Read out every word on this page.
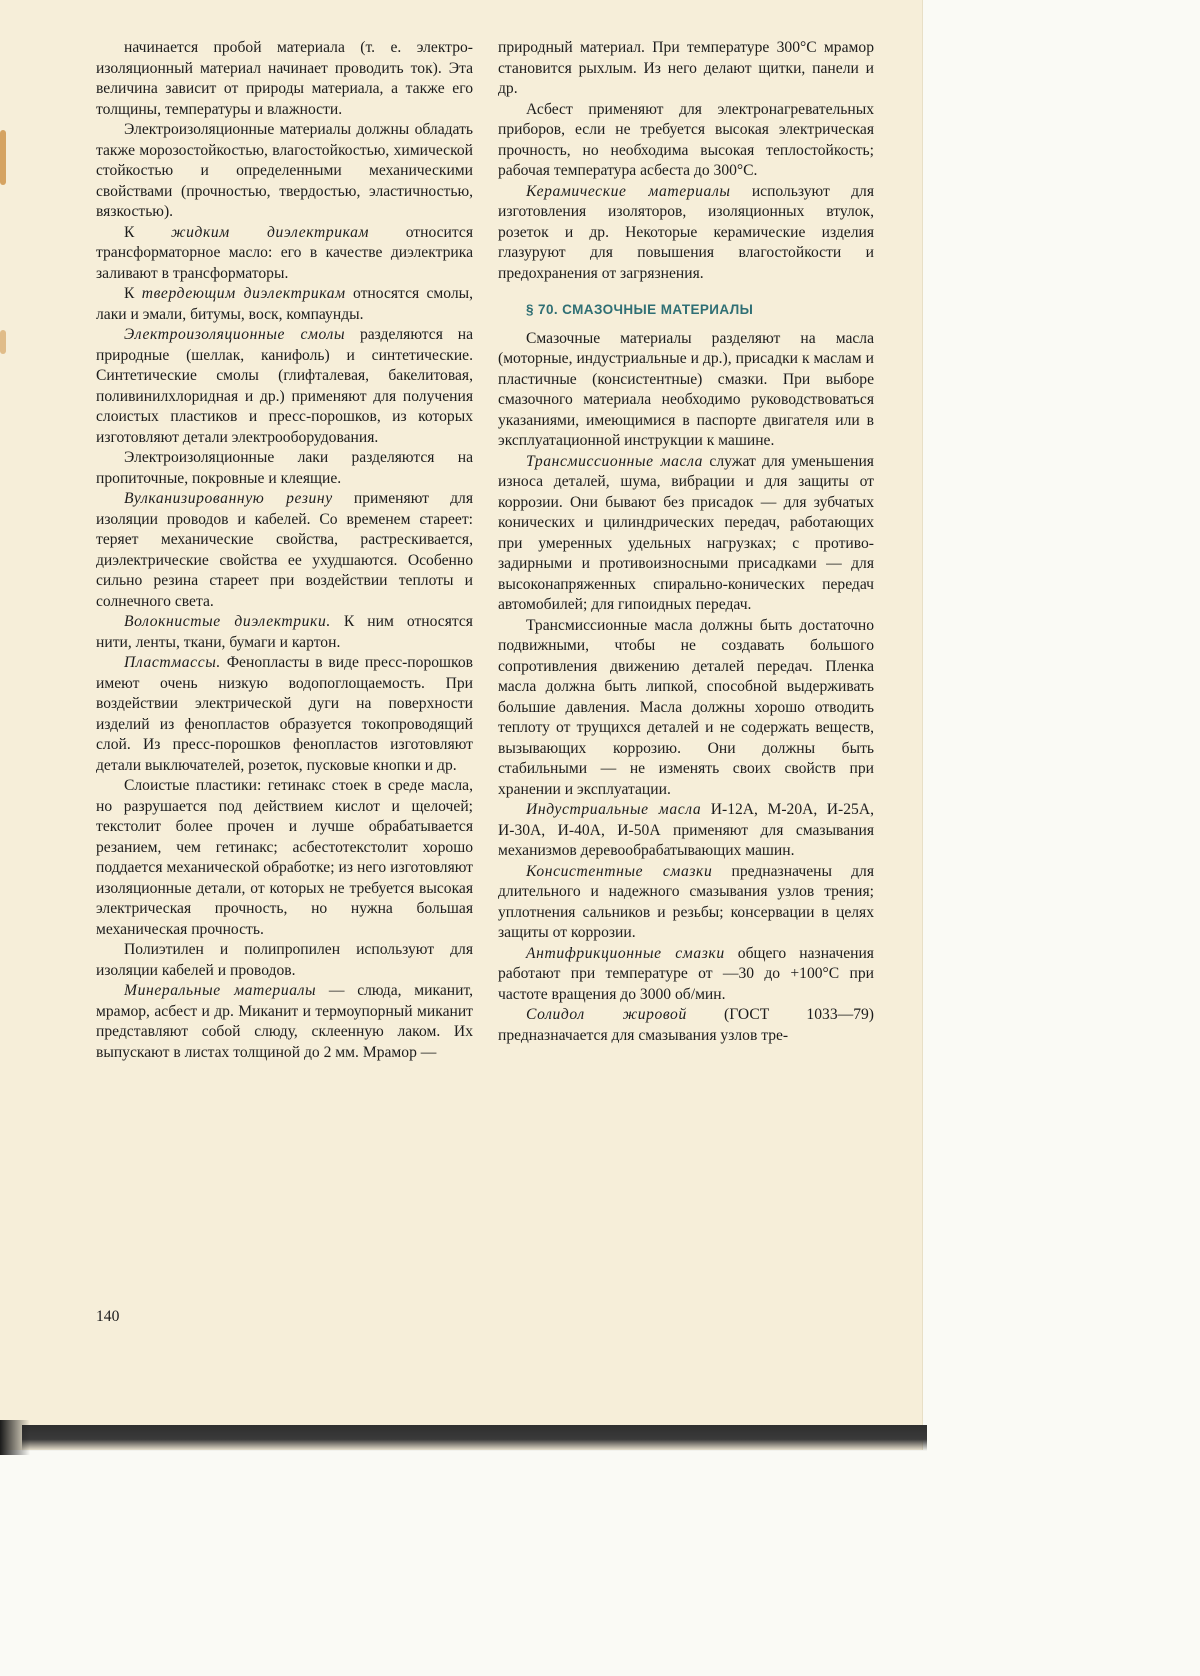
начинается пробой материала (т. е. электроизоляционный материал начинает проводить ток). Эта величина зависит от природы материала, а также его толщины, температуры и влажности.

Электроизоляционные материалы должны обладать также морозостойкостью, влагостойкостью, химической стойкостью и определенными механическими свойствами (прочностью, твердостью, эластичностью, вязкостью).

К жидким диэлектрикам относится трансформаторное масло: его в качестве диэлектрика заливают в трансформаторы.

К твердеющим диэлектрикам относятся смолы, лаки и эмали, битумы, воск, компаунды.

Электроизоляционные смолы разделяются на природные (шеллак, канифоль) и синтетические. Синтетические смолы (глифталевая, бакелитовая, поливинилхлоридная и др.) применяют для получения слоистых пластиков и пресс-порошков, из которых изготовляют детали электрооборудования.

Электроизоляционные лаки разделяются на пропиточные, покровные и клеящие.

Вулканизированную резину применяют для изоляции проводов и кабелей. Со временем стареет: теряет механические свойства, растрескивается, диэлектрические свойства ее ухудшаются. Особенно сильно резина стареет при воздействии теплоты и солнечного света.

Волокнистые диэлектрики. К ним относятся нити, ленты, ткани, бумаги и картон.

Пластмассы. Фенопласты в виде пресс-порошков имеют очень низкую водопоглощаемость. При воздействии электрической дуги на поверхности изделий из фенопластов образуется токопроводящий слой. Из пресс-порошков фенопластов изготовляют детали выключателей, розеток, пусковые кнопки и др.

Слоистые пластики: гетинакс стоек в среде масла, но разрушается под действием кислот и щелочей; текстолит более прочен и лучше обрабатывается резанием, чем гетинакс; асбестотекстолит хорошо поддается механической обработке; из него изготовляют изоляционные детали, от которых не требуется высокая электрическая прочность, но нужна большая механическая прочность.

Полиэтилен и полипропилен используют для изоляции кабелей и проводов.

Минеральные материалы — слюда, миканит, мрамор, асбест и др. Миканит и термоупорный миканит представляют собой слюду, склеенную лаком. Их выпускают в листах толщиной до 2 мм. Мрамор —

природный материал. При температуре 300°С мрамор становится рыхлым. Из него делают щитки, панели и др.

Асбест применяют для электронагревательных приборов, если не требуется высокая электрическая прочность, но необходима высокая теплостойкость; рабочая температура асбеста до 300°С.

Керамические материалы используют для изготовления изоляторов, изоляционных втулок, розеток и др. Некоторые керамические изделия глазуруют для повышения влагостойкости и предохранения от загрязнения.

§ 70. СМАЗОЧНЫЕ МАТЕРИАЛЫ

Смазочные материалы разделяют на масла (моторные, индустриальные и др.), присадки к маслам и пластичные (консистентные) смазки. При выборе смазочного материала необходимо руководствоваться указаниями, имеющимися в паспорте двигателя или в эксплуатационной инструкции к машине.

Трансмиссионные масла служат для уменьшения износа деталей, шума, вибрации и для защиты от коррозии. Они бывают без присадок — для зубчатых конических и цилиндрических передач, работающих при умеренных удельных нагрузках; с противозадирными и противоизносными присадками — для высоконапряженных спирально-конических передач автомобилей; для гипоидных передач.

Трансмиссионные масла должны быть достаточно подвижными, чтобы не создавать большого сопротивления движению деталей передач. Пленка масла должна быть липкой, способной выдерживать большие давления. Масла должны хорошо отводить теплоту от трущихся деталей и не содержать веществ, вызывающих коррозию. Они должны быть стабильными — не изменять своих свойств при хранении и эксплуатации.

Индустриальные масла И-12А, М-20А, И-25А, И-30А, И-40А, И-50А применяют для смазывания механизмов деревообрабатывающих машин.

Консистентные смазки предназначены для длительного и надежного смазывания узлов трения; уплотнения сальников и резьбы; консервации в целях защиты от коррозии.

Антифрикционные смазки общего назначения работают при температуре от —30 до +100°С при частоте вращения до 3000 об/мин.

Солидол жировой (ГОСТ 1033—79) предназначается для смазывания узлов тре-

140
